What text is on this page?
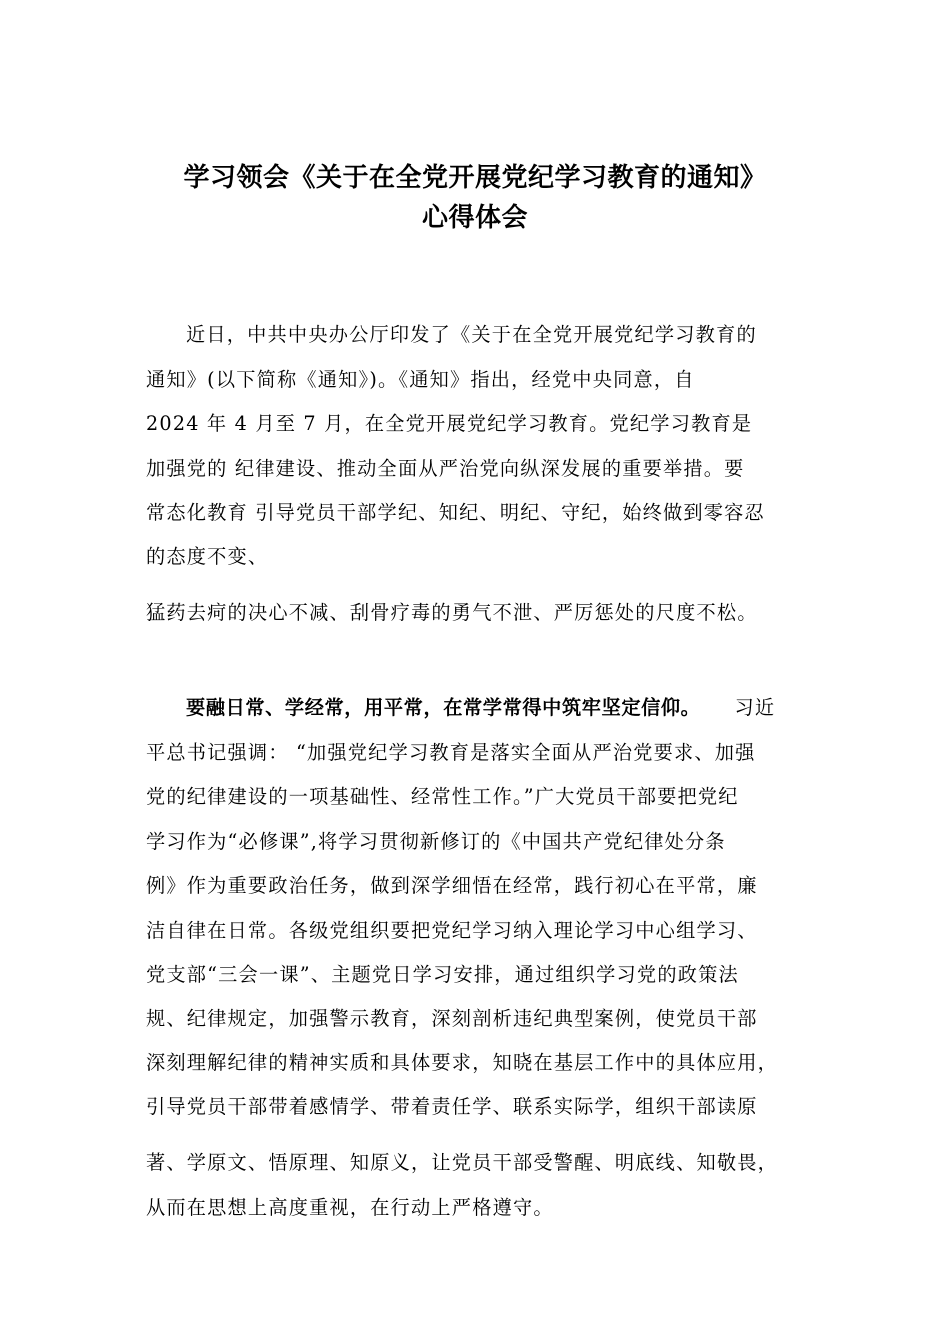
学习领会《关于在全党开展党纪学习教育的通知》
心得体会
近日，中共中央办公厅印发了《关于在全党开展党纪学习教育的
通知》(以下简称《通知》)。《通知》指出，经党中央同意，自
2024 年 4 月至 7 月，在全党开展党纪学习教育。党纪学习教育是
加强党的 纪律建设、推动全面从严治党向纵深发展的重要举措。要
常态化教育 引导党员干部学纪、知纪、明纪、守纪，始终做到零容忍
的态度不变、
猛药去疴的决心不减、刮骨疗毒的勇气不泄、严厉惩处的尺度不松。
要融日常、学经常，用平常，在常学常得中筑牢坚定信仰。 习近
平总书记强调： “加强党纪学习教育是落实全面从严治党要求、加强
党的纪律建设的一项基础性、经常性工作。”广大党员干部要把党纪
学习作为“必修课”,将学习贯彻新修订的《中国共产党纪律处分条
例》作为重要政治任务，做到深学细悟在经常，践行初心在平常，廉
洁自律在日常。各级党组织要把党纪学习纳入理论学习中心组学习、
党支部“三会一课”、主题党日学习安排，通过组织学习党的政策法
规、纪律规定，加强警示教育，深刻剖析违纪典型案例，使党员干部
深刻理解纪律的精神实质和具体要求，知晓在基层工作中的具体应用，
引导党员干部带着感情学、带着责任学、联系实际学，组织干部读原
著、学原文、悟原理、知原义，让党员干部受警醒、明底线、知敬畏，
从而在思想上高度重视，在行动上严格遵守。
